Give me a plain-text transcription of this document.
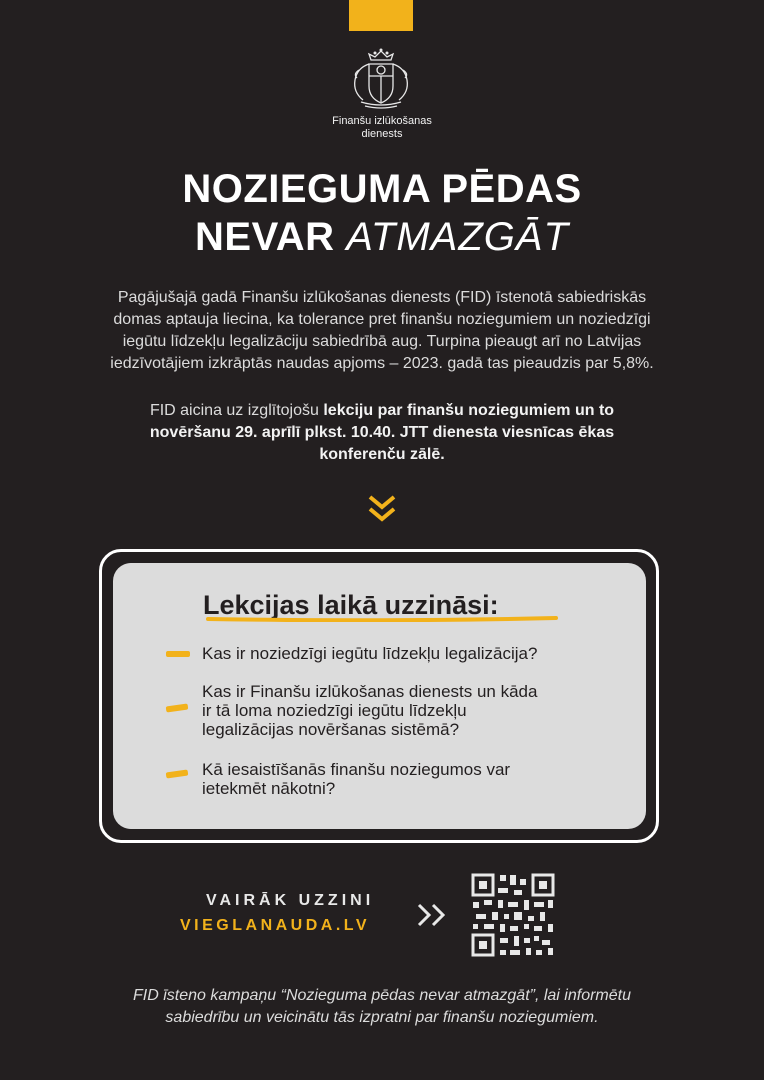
Finanšu izlūkošanas
dienests
NOZIEGUMA PĒDAS
NEVAR ATMAZGĀT
Pagājušajā gadā Finanšu izlūkošanas dienests (FID) īstenotā sabiedriskās
domas aptauja liecina, ka tolerance pret finanšu noziegumiem un noziedzīgi
iegūtu līdzekļu legalizāciju sabiedrībā aug. Turpina pieaugt arī no Latvijas
iedzīvotājiem izkrāptās naudas apjoms – 2023. gadā tas pieaudzis par 5,8%.
FID aicina uz izglītojošu lekciju par finanšu noziegumiem un to
novēršanu 29. aprīlī plkst. 10.40. JTT dienesta viesnīcas ēkas
konferenču zālē.
Lekcijas laikā uzzināsi:
Kas ir noziedzīgi iegūtu līdzekļu legalizācija?
Kas ir Finanšu izlūkošanas dienests un kāda
ir tā loma noziedzīgi iegūtu līdzekļu
legalizācijas novēršanas sistēmā?
Kā iesaistīšanās finanšu noziegumos var
ietekmēt nākotni?
VAIRĀK UZZINI
VIEGLANAUDA.LV
FID īsteno kampaņu “Nozieguma pēdas nevar atmazgāt”, lai informētu
sabiedrību un veicinātu tās izpratni par finanšu noziegumiem.
